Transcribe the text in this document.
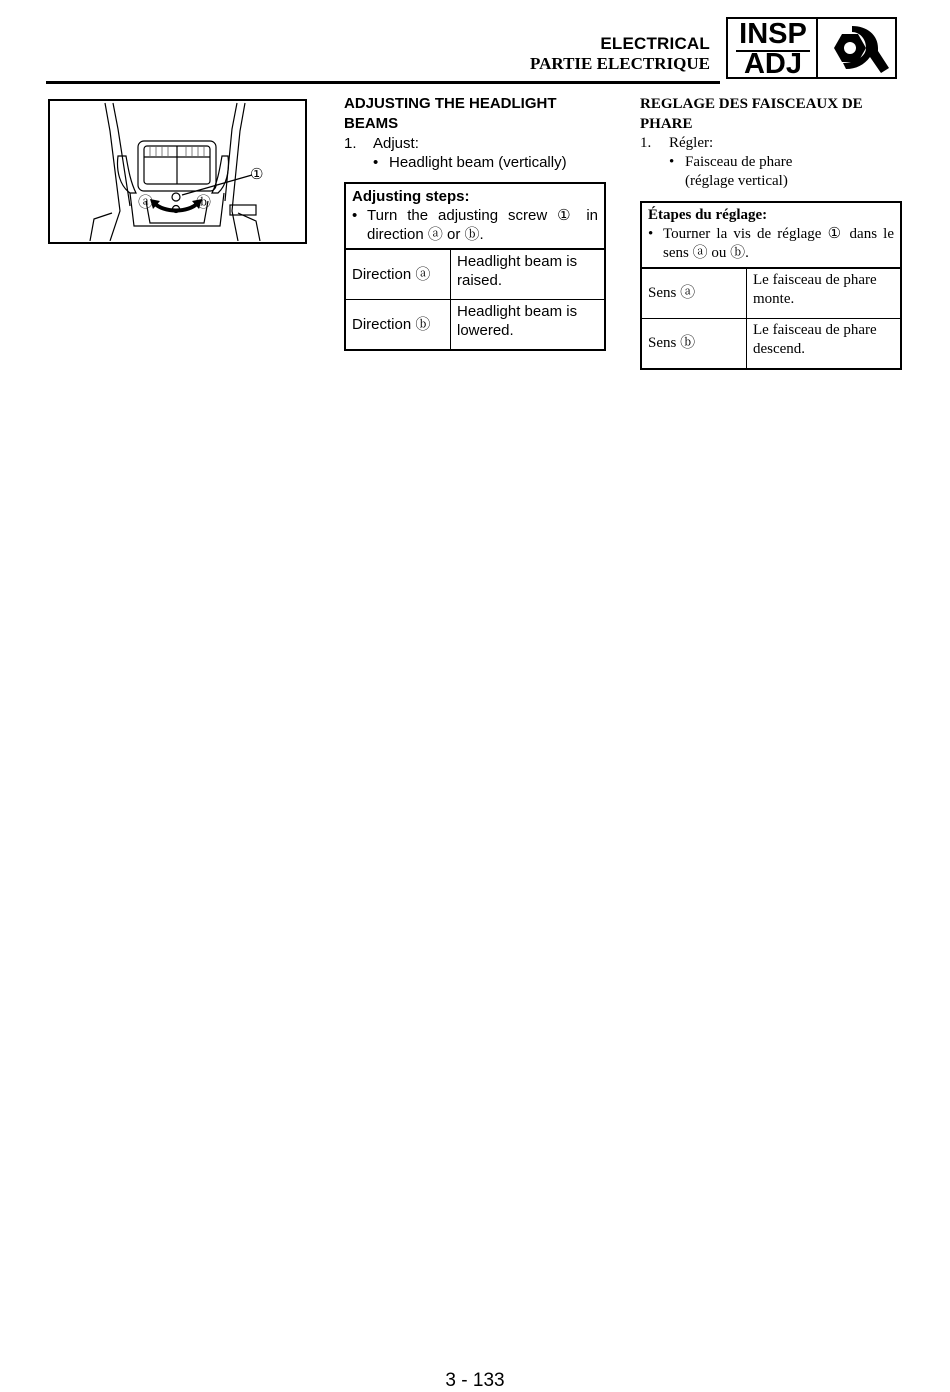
ELECTRICAL
PARTIE ELECTRIQUE
INSP
ADJ
①
ⓐ	ⓑ
ADJUSTING THE HEADLIGHT BEAMS
1. Adjust:
• Headlight beam (vertically)
Adjusting steps:
• Turn the adjusting screw ① in direction ⓐ or ⓑ.
Direction ⓐ
Headlight beam is raised.
Direction ⓑ
Headlight beam is lowered.
REGLAGE DES FAISCEAUX DE PHARE
1. Régler:
• Faisceau de phare
(réglage vertical)
Étapes du réglage:
• Tourner la vis de réglage ① dans le sens ⓐ ou ⓑ.
Sens ⓐ
Le faisceau de phare monte.
Sens ⓑ
Le faisceau de phare descend.
3 - 133
